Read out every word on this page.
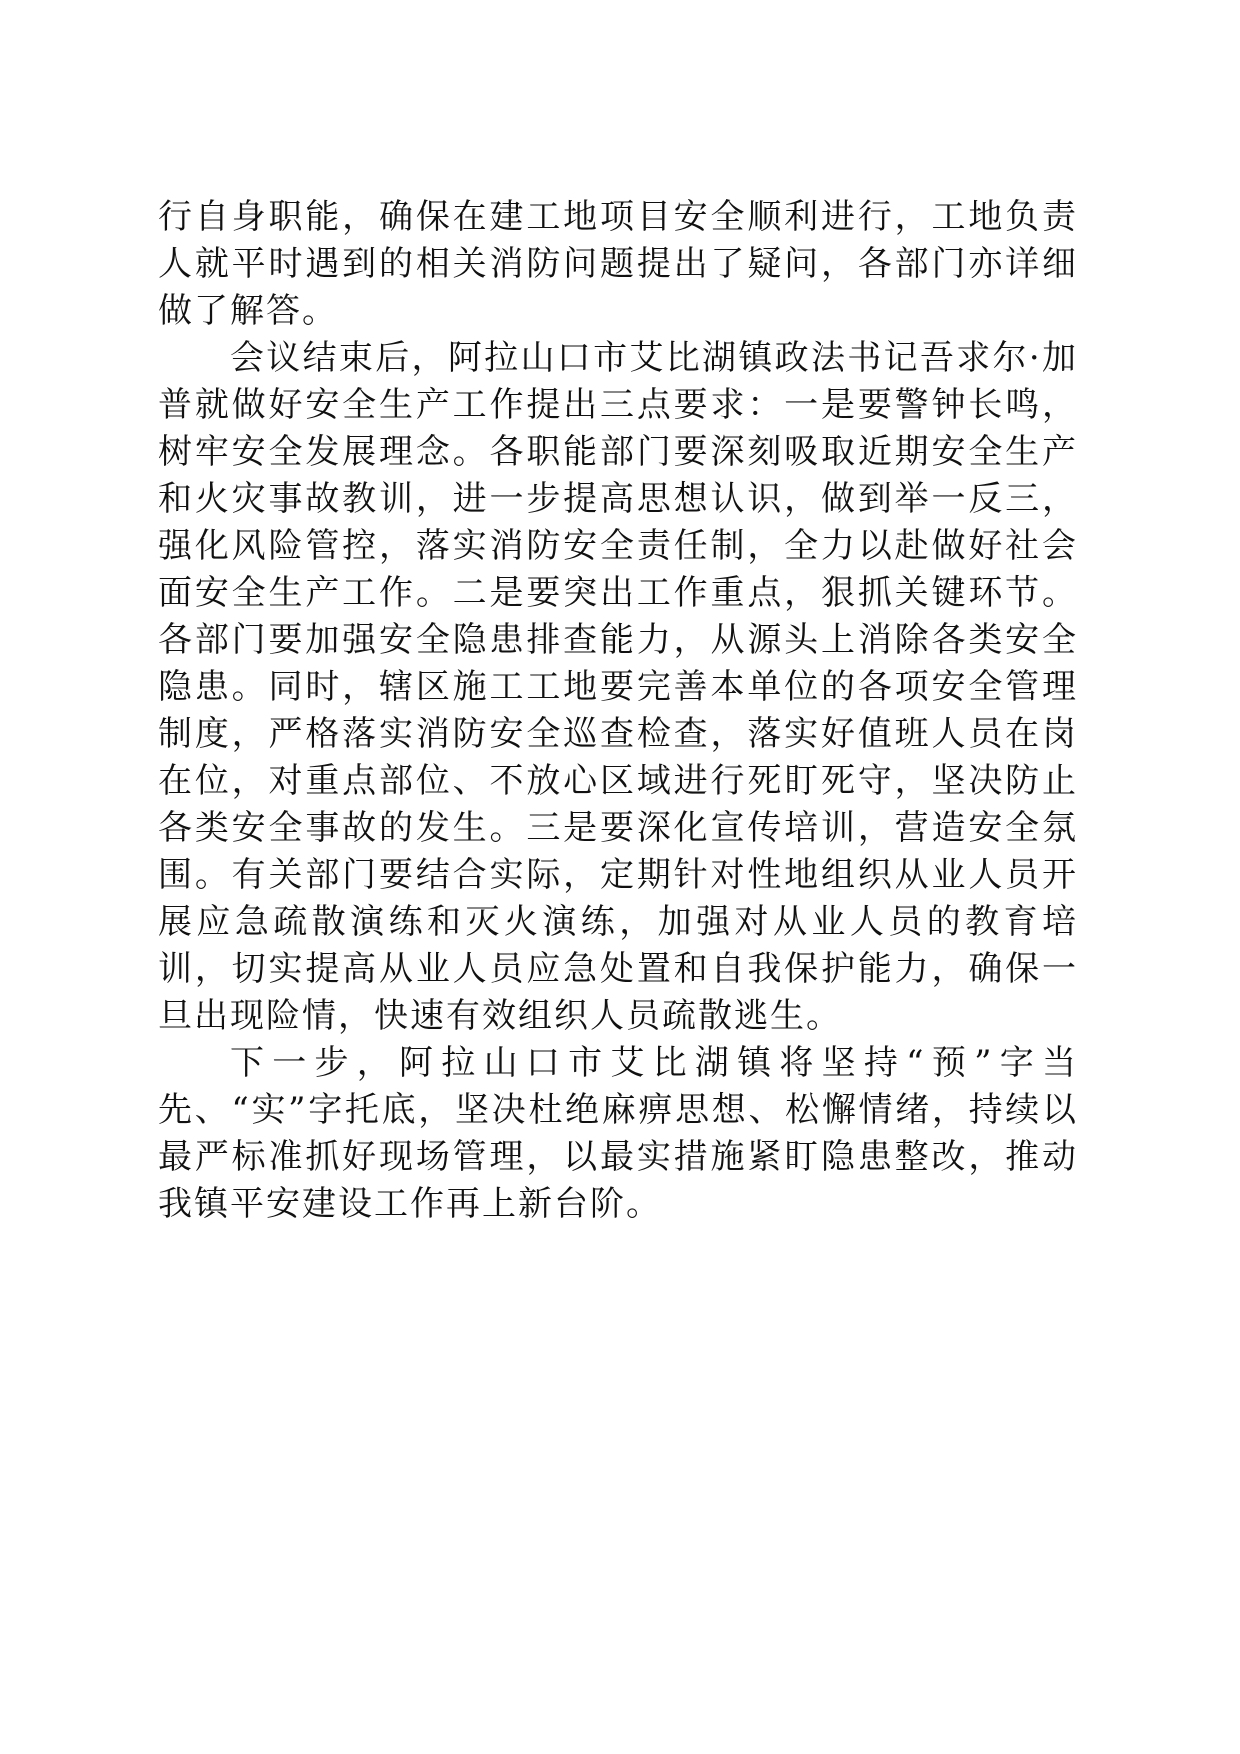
行自身职能，确保在建工地项目安全顺利进行，工地负责人就平时遇到的相关消防问题提出了疑问，各部门亦详细做了解答。

会议结束后，阿拉山口市艾比湖镇政法书记吾求尔·加普就做好安全生产工作提出三点要求：一是要警钟长鸣，树牢安全发展理念。各职能部门要深刻吸取近期安全生产和火灾事故教训，进一步提高思想认识，做到举一反三，强化风险管控，落实消防安全责任制，全力以赴做好社会面安全生产工作。二是要突出工作重点，狠抓关键环节。各部门要加强安全隐患排查能力，从源头上消除各类安全隐患。同时，辖区施工工地要完善本单位的各项安全管理制度，严格落实消防安全巡查检查，落实好值班人员在岗在位，对重点部位、不放心区域进行死盯死守，坚决防止各类安全事故的发生。三是要深化宣传培训，营造安全氛围。有关部门要结合实际，定期针对性地组织从业人员开展应急疏散演练和灭火演练，加强对从业人员的教育培训，切实提高从业人员应急处置和自我保护能力，确保一旦出现险情，快速有效组织人员疏散逃生。

下一步，阿拉山口市艾比湖镇将坚持“预”字当先、“实”字托底，坚决杜绝麻痹思想、松懈情绪，持续以最严标准抓好现场管理，以最实措施紧盯隐患整改，推动我镇平安建设工作再上新台阶。
